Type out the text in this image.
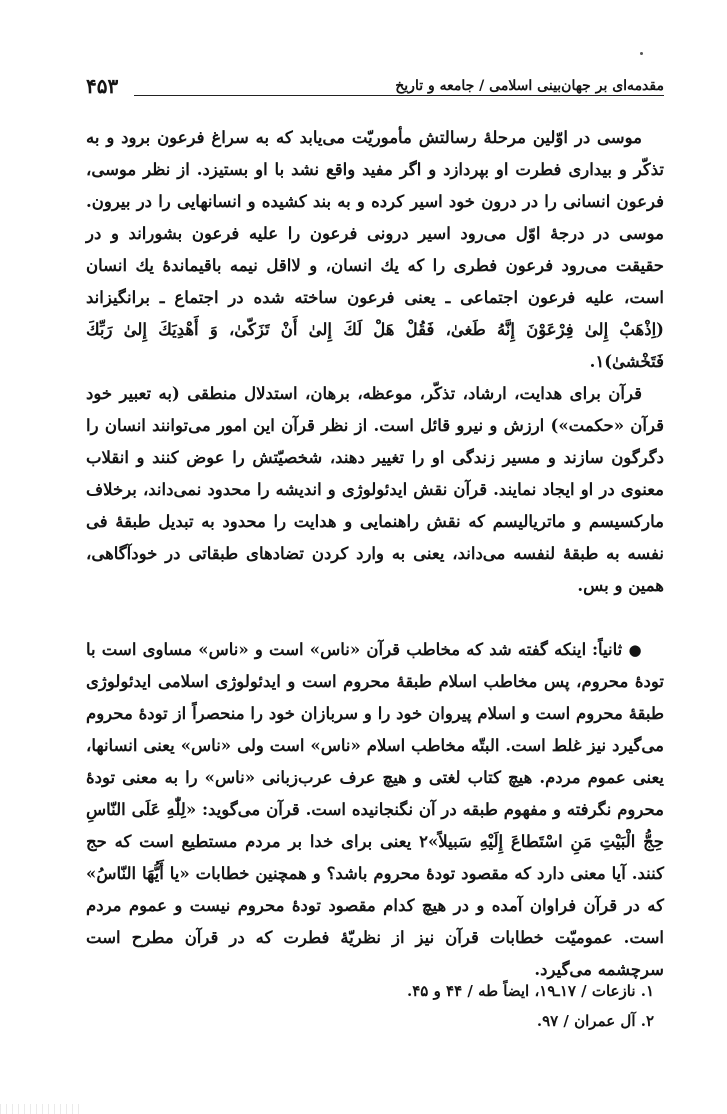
مقدمه‌ای بر جهان‌بینی اسلامی / جامعه و تاریخ
۴۵۳

موسی در اوّلین مرحلهٔ رسالتش مأموریّت می‌یابد که به سراغ فرعون برود و به تذکّر و بیداری فطرت او بپردازد و اگر مفید واقع نشد با او بستیزد. از نظر موسی، فرعون انسانی را در درون خود اسیر کرده و به بند کشیده و انسانهایی را در بیرون. موسی در درجهٔ اوّل می‌رود اسیر درونی فرعون را علیه فرعون بشوراند و در حقیقت می‌رود فرعون فطری را که یك انسان، و لااقل نیمه باقیماندهٔ یك انسان است، علیه فرعون اجتماعی ـ یعنی فرعون ساخته شده در اجتماع ـ برانگیزاند (اِذْهَبْ إِلىٰ فِرْعَوْنَ إِنَّهُ طَغىٰ، فَقُلْ هَلْ لَكَ إِلىٰ أَنْ تَزَكّىٰ، وَ أَهْدِيَكَ إِلىٰ رَبِّكَ فَتَخْشىٰ)۱.

قرآن برای هدایت، ارشاد، تذکّر، موعظه، برهان، استدلال منطقی (به تعبیر خود قرآن «حکمت») ارزش و نیرو قائل است. از نظر قرآن این امور می‌توانند انسان را دگرگون سازند و مسیر زندگی او را تغییر دهند، شخصیّتش را عوض کنند و انقلاب معنوی در او ایجاد نمایند. قرآن نقش ایدئولوژی و اندیشه را محدود نمی‌داند، برخلاف مارکسیسم و ماتریالیسم که نقش راهنمایی و هدایت را محدود به تبدیل طبقهٔ فی نفسه به طبقهٔ لنفسه می‌داند، یعنی به وارد کردن تضادهای طبقاتی در خودآگاهی، همین و بس.

● ثانیاً: اینکه گفته شد که مخاطب قرآن «ناس» است و «ناس» مساوی است با تودهٔ محروم، پس مخاطب اسلام طبقهٔ محروم است و ایدئولوژی اسلامی ایدئولوژی طبقهٔ محروم است و اسلام پیروان خود را و سربازان خود را منحصراً از تودهٔ محروم می‌گیرد نیز غلط است. البتّه مخاطب اسلام «ناس» است ولی «ناس» یعنی انسانها، یعنی عموم مردم. هیچ کتاب لغتی و هیچ عرف عرب‌زبانی «ناس» را به معنی تودهٔ محروم نگرفته و مفهوم طبقه در آن نگنجانیده است. قرآن می‌گوید: «لِلّٰهِ عَلَى النّاسِ حِجُّ الْبَيْتِ مَنِ اسْتَطاعَ إِلَيْهِ سَبيلاً»۲ یعنی برای خدا بر مردم مستطیع است که حج کنند. آیا معنی دارد که مقصود تودهٔ محروم باشد؟ و همچنین خطابات «يا أَيُّهَا النّاسُ» که در قرآن فراوان آمده و در هیچ کدام مقصود تودهٔ محروم نیست و عموم مردم است. عمومیّت خطابات قرآن نیز از نظریّهٔ فطرت که در قرآن مطرح است سرچشمه می‌گیرد.

۱. نازعات / ۱۷ـ۱۹، ایضاً طه / ۴۴ و ۴۵.
۲. آل عمران / ۹۷.
